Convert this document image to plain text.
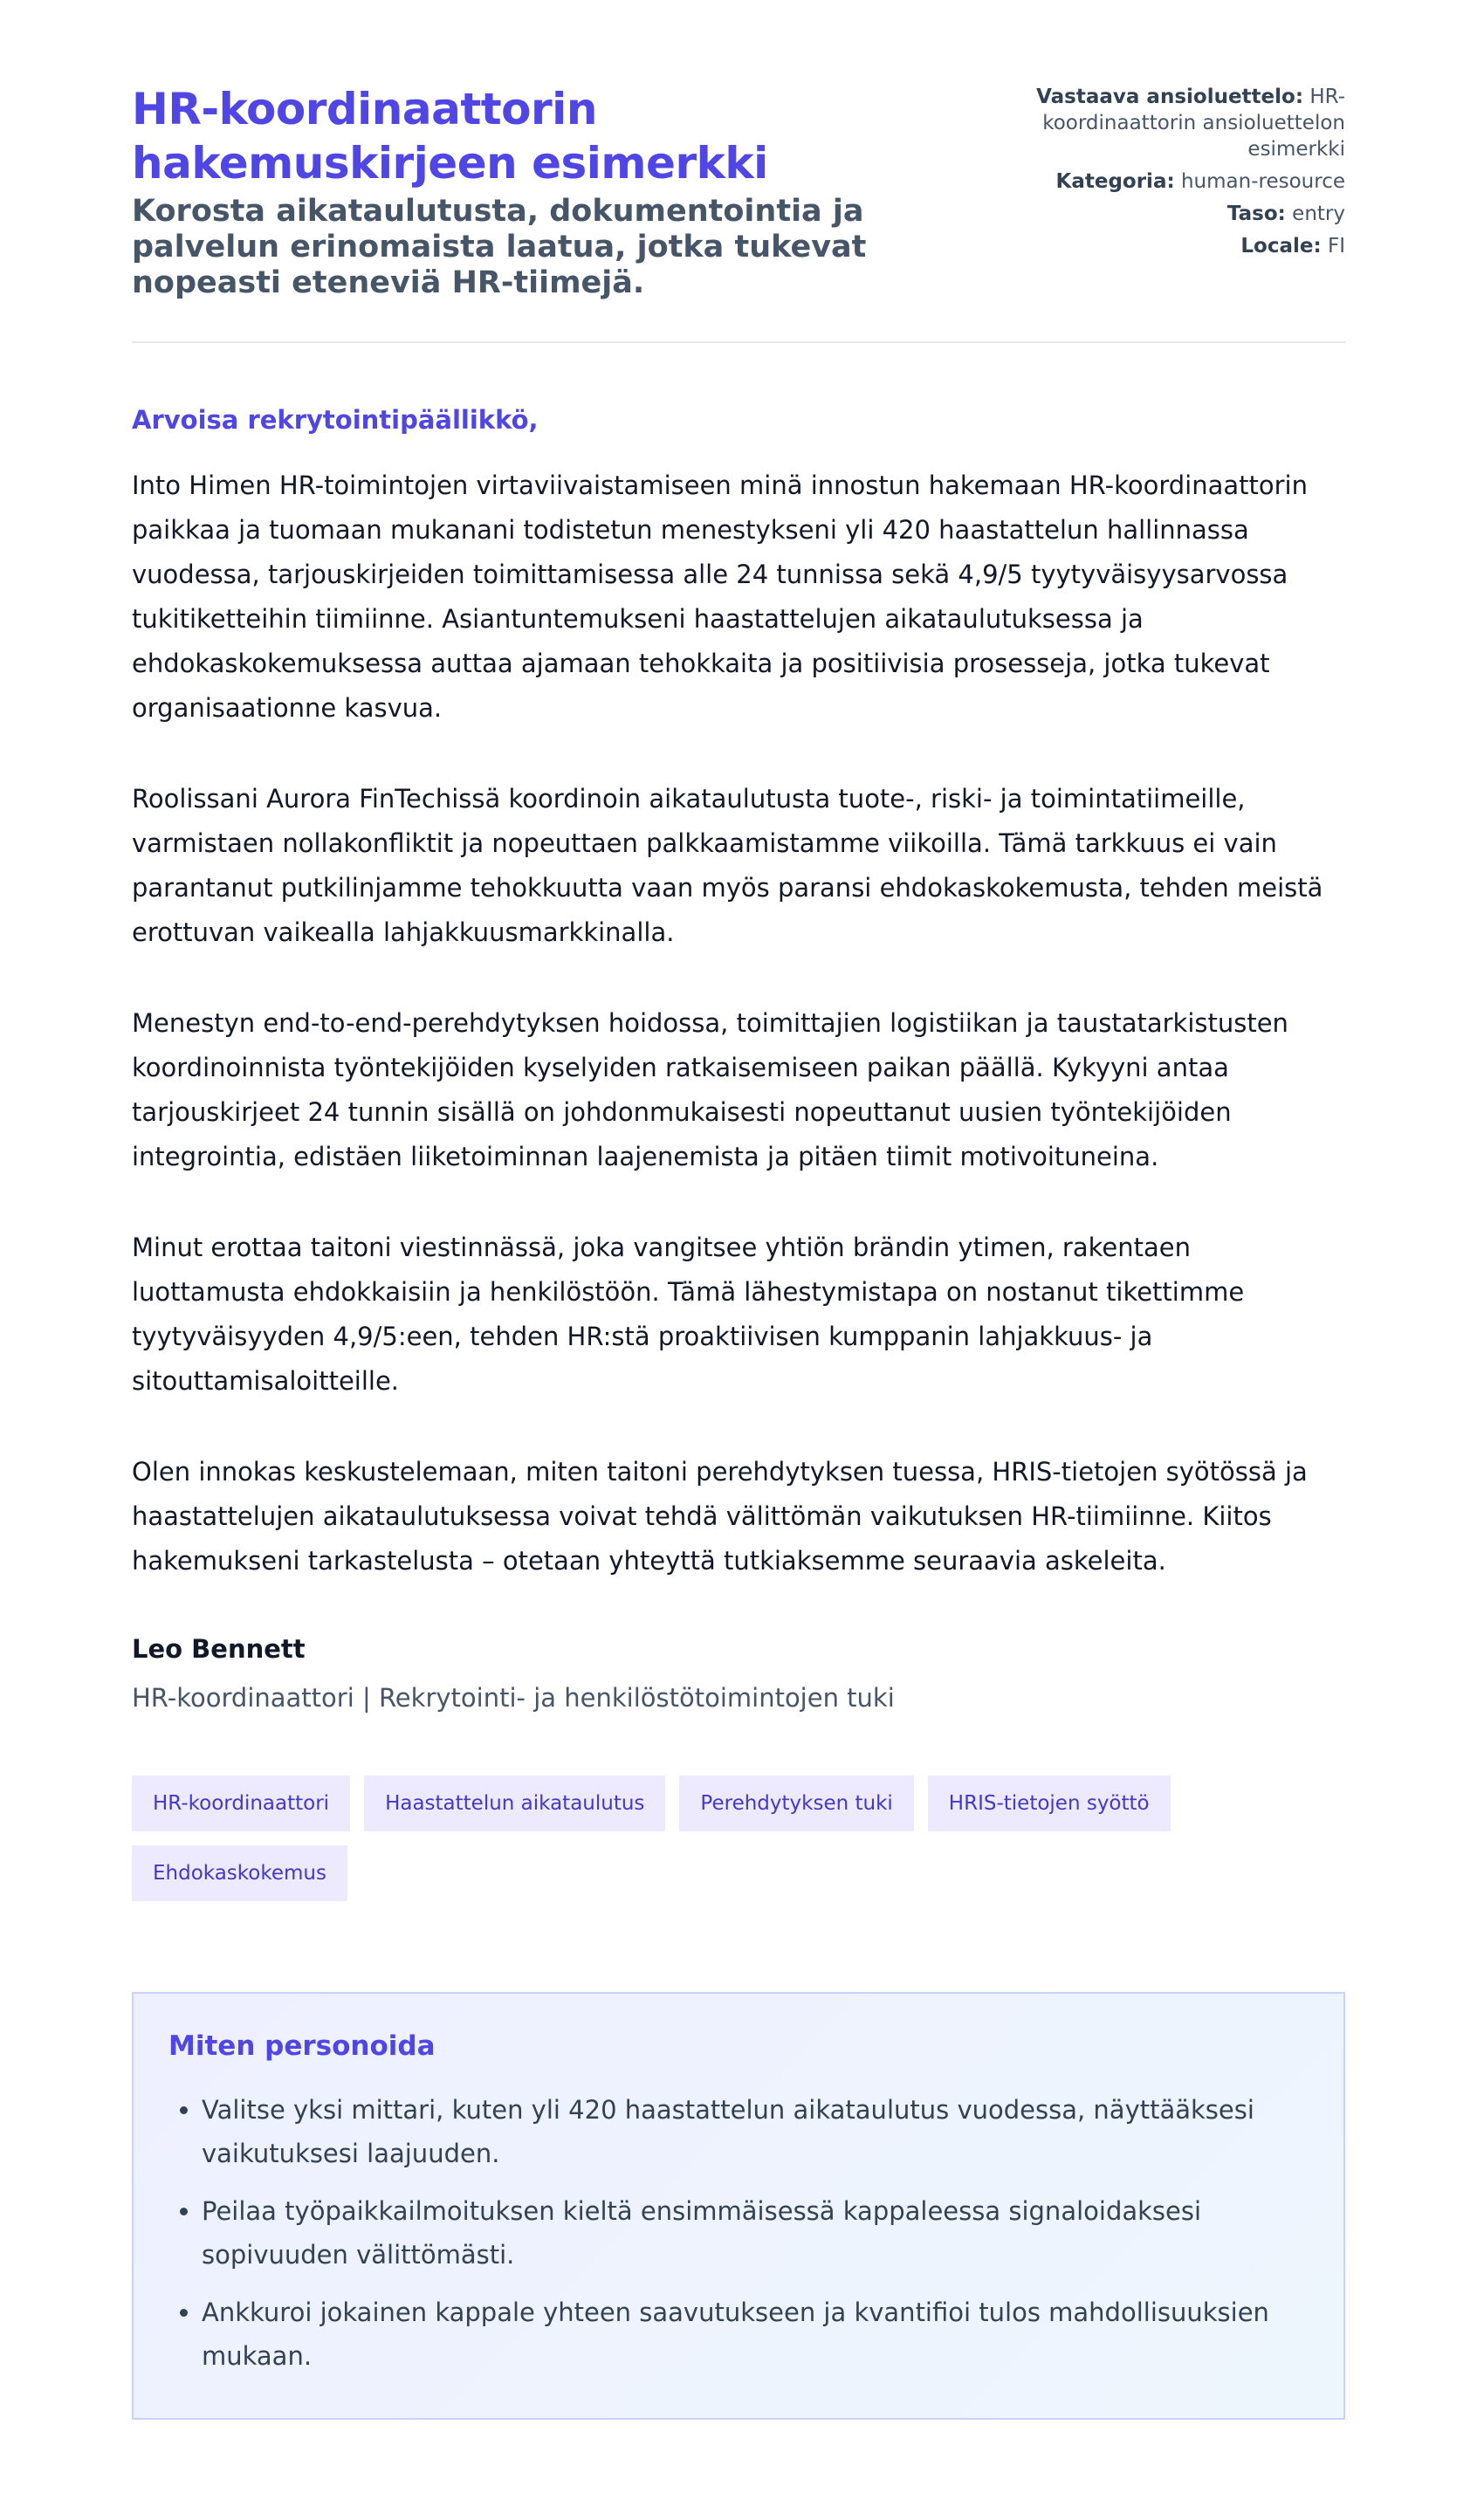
HR-koordinaattorin hakemuskirjeen esimerkki

Korosta aikataulutusta, dokumentointia ja palvelun erinomaista laatua, jotka tukevat nopeasti eteneviä HR-tiimejä.

Vastaava ansioluettelo: HR-koordinaattorin ansioluettelon esimerkki
Kategoria: human-resource
Taso: entry
Locale: FI
Arvoisa rekrytointipäällikkö,

Into Himen HR-toimintojen virtaviivaistamiseen minä innostun hakemaan HR-koordinaattorin paikkaa ja tuomaan mukanani todistetun menestykseni yli 420 haastattelun hallinnassa vuodessa, tarjouskirjeiden toimittamisessa alle 24 tunnissa sekä 4,9/5 tyytyväisyysarvossa tukitiketteihin tiimiinne. Asiantuntemukseni haastattelujen aikataulutuksessa ja ehdokaskokemuksessa auttaa ajamaan tehokkaita ja positiivisia prosesseja, jotka tukevat organisaationne kasvua.

Roolissani Aurora FinTechissä koordinoin aikataulutusta tuote-, riski- ja toimintatiimeille, varmistaen nollakonfliktit ja nopeuttaen palkkaamistamme viikoilla. Tämä tarkkuus ei vain parantanut putkilinjamme tehokkuutta vaan myös paransi ehdokaskokemusta, tehden meistä erottuvan vaikealla lahjakkuusmarkkinalla.

Menestyn end-to-end-perehdytyksen hoidossa, toimittajien logistiikan ja taustatarkistusten koordinoinnista työntekijöiden kyselyiden ratkaisemiseen paikan päällä. Kykyyni antaa tarjouskirjeet 24 tunnin sisällä on johdonmukaisesti nopeuttanut uusien työntekijöiden integrointia, edistäen liiketoiminnan laajenemista ja pitäen tiimit motivoituneina.

Minut erottaa taitoni viestinnässä, joka vangitsee yhtiön brändin ytimen, rakentaen luottamusta ehdokkaisiin ja henkilöstöön. Tämä lähestymistapa on nostanut tikettimme tyytyväisyyden 4,9/5:een, tehden HR:stä proaktiivisen kumppanin lahjakkuus- ja sitouttamisaloitteille.

Olen innokas keskustelemaan, miten taitoni perehdytyksen tuessa, HRIS-tietojen syötössä ja haastattelujen aikataulutuksessa voivat tehdä välittömän vaikutuksen HR-tiimiinne. Kiitos hakemukseni tarkastelusta – otetaan yhteyttä tutkiaksemme seuraavia askeleita.

Leo Bennett
HR-koordinaattori | Rekrytointi- ja henkilöstötoimintojen tuki
HR-koordinaattori	Haastattelun aikataulutus	Perehdytyksen tuki	HRIS-tietojen syöttö
Ehdokaskokemus
Miten personoida
• Valitse yksi mittari, kuten yli 420 haastattelun aikataulutus vuodessa, näyttääksesi vaikutuksesi laajuuden.
• Peilaa työpaikkailmoituksen kieltä ensimmäisessä kappaleessa signaloidaksesi sopivuuden välittömästi.
• Ankkuroi jokainen kappale yhteen saavutukseen ja kvantifioi tulos mahdollisuuksien mukaan.
